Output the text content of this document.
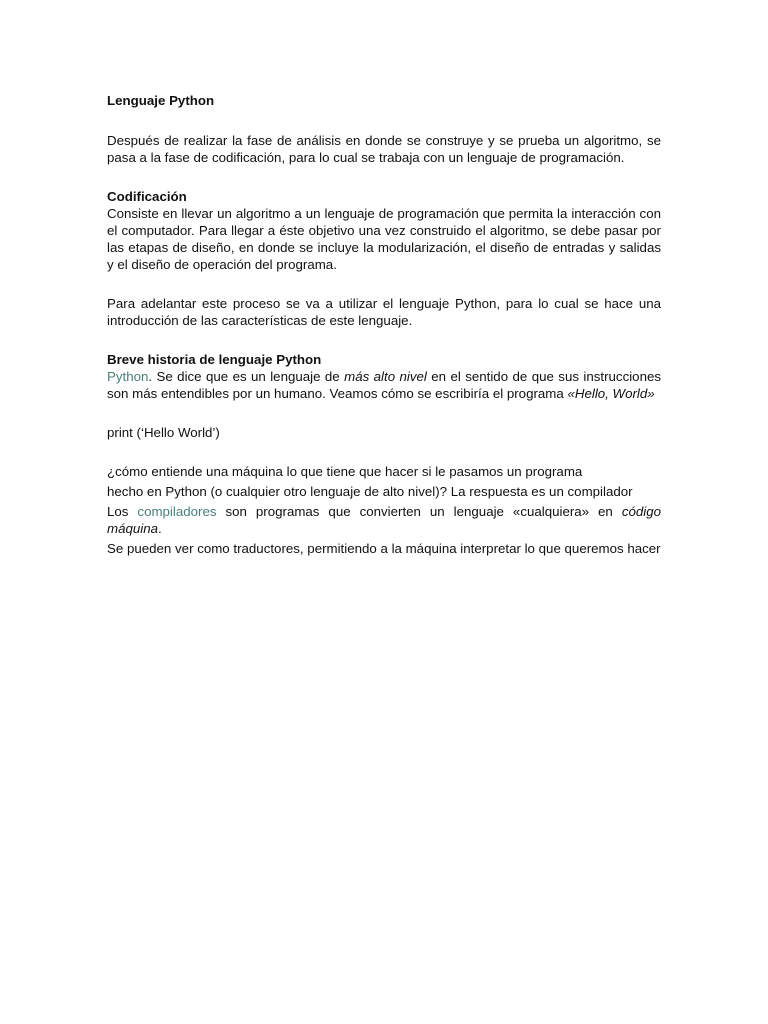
Lenguaje Python

Después de realizar la fase de análisis en donde se construye y se prueba un algoritmo, se pasa a la fase de codificación, para lo cual se trabaja con un lenguaje de programación.

Codificación

Consiste en llevar un algoritmo a un lenguaje de programación que permita la interacción con el computador. Para llegar a éste objetivo una vez construido el algoritmo, se debe pasar por las etapas de diseño, en donde se incluye la modularización, el diseño de entradas y salidas y el diseño de operación del programa.

Para adelantar este proceso se va a utilizar el lenguaje Python, para lo cual se hace una introducción de las características de este lenguaje.

Breve historia de lenguaje Python

Python. Se dice que es un lenguaje de más alto nivel en el sentido de que sus instrucciones son más entendibles por un humano. Veamos cómo se escribiría el programa «Hello, World»

print (‘Hello World’)

¿cómo entiende una máquina lo que tiene que hacer si le pasamos un programa

hecho en Python (o cualquier otro lenguaje de alto nivel)? La respuesta es un compilador

Los compiladores son programas que convierten un lenguaje «cualquiera» en código máquina.

Se pueden ver como traductores, permitiendo a la máquina interpretar lo que queremos hacer
